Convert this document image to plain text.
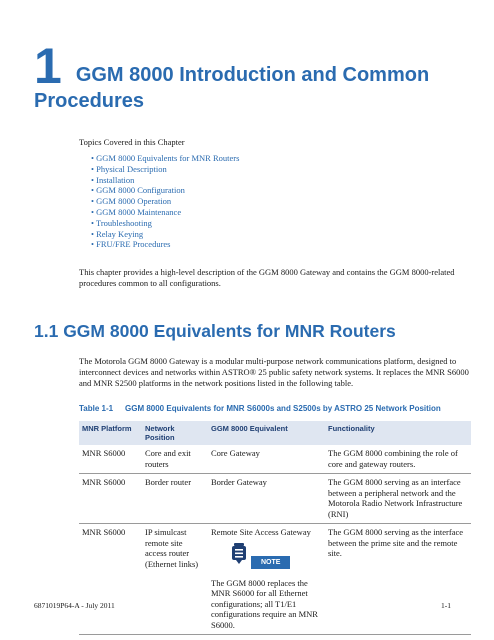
1 GGM 8000 Introduction and Common
Procedures
Topics Covered in this Chapter
• GGM 8000 Equivalents for MNR Routers
• Physical Description
• Installation
• GGM 8000 Configuration
• GGM 8000 Operation
• GGM 8000 Maintenance
• Troubleshooting
• Relay Keying
• FRU/FRE Procedures
This chapter provides a high-level description of the GGM 8000 Gateway and contains the GGM 8000-related procedures common to all configurations.
1.1 GGM 8000 Equivalents for MNR Routers
The Motorola GGM 8000 Gateway is a modular multi-purpose network communications platform, designed to interconnect devices and networks within ASTRO® 25 public safety network systems. It replaces the MNR S6000 and MNR S2500 platforms in the network positions listed in the following table.
Table 1-1 GGM 8000 Equivalents for MNR S6000s and S2500s by ASTRO 25 Network Position
MNR Platform	Network Position	GGM 8000 Equivalent	Functionality
MNR S6000	Core and exit routers	Core Gateway	The GGM 8000 combining the role of core and gateway routers.
MNR S6000	Border router	Border Gateway	The GGM 8000 serving as an interface between a peripheral network and the Motorola Radio Network Infrastructure (RNI)
MNR S6000	IP simulcast remote site access router (Ethernet links)	Remote Site Access Gateway
NOTE
The GGM 8000 replaces the MNR S6000 for all Ethernet configurations; all T1/E1 configurations require an MNR S6000.	The GGM 8000 serving as the interface between the prime site and the remote site.
6871019P64-A - July 2011	1-1
